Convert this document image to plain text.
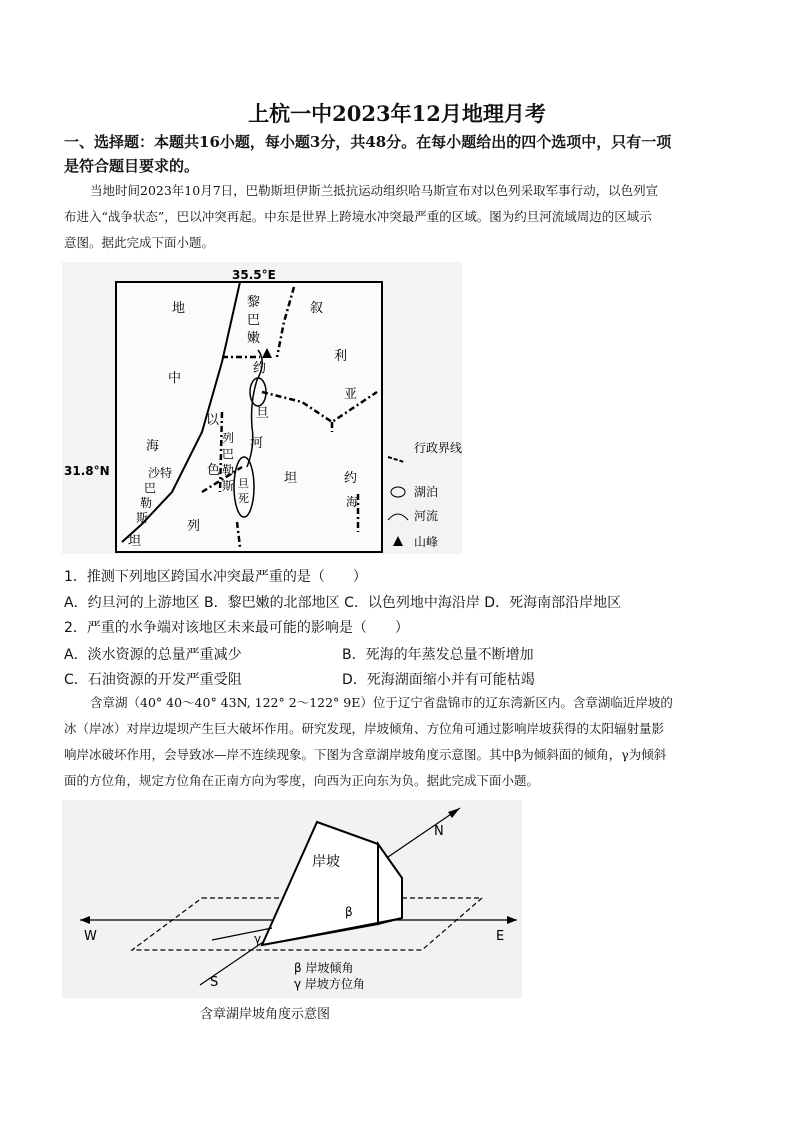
上杭一中2023年12月地理月考
一、选择题：本题共16小题，每小题3分，共48分。在每小题给出的四个选项中，只有一项
是符合题目要求的。
当地时间2023年10月7日，巴勒斯坦伊斯兰抵抗运动组织哈马斯宣布对以色列采取军事行动，以色列宣
布进入“战争状态”，巴以冲突再起。中东是世界上跨境水冲突最严重的区域。图为约旦河流域周边的区域示
意图。据此完成下面小题。
35.5°E
31.8°N
地
中
海
叙
利
亚
黎
巴
嫩
约
旦
河
以
色
列
列
巴
勒
斯	坦	约
旦
死	海
沙特
巴
勒
斯
坦
行政界线
湖泊
河流
山峰
1．推测下列地区跨国水冲突最严重的是（　　）
A．约旦河的上游地区 B．黎巴嫩的北部地区 C．以色列地中海沿岸 D．死海南部沿岸地区
2．严重的水争端对该地区未来最可能的影响是（　　）
A．淡水资源的总量严重减少	B．死海的年蒸发总量不断增加
C．石油资源的开发严重受阻	D．死海湖面缩小并有可能枯竭
含章湖（40° 40～40° 43N, 122° 2～122° 9E）位于辽宁省盘锦市的辽东湾新区内。含章湖临近岸坡的
冰（岸冰）对岸边堤坝产生巨大破坏作用。研究发现，岸坡倾角、方位角可通过影响岸坡获得的太阳辐射量影
响岸冰破坏作用，会导致冰—岸不连续现象。下图为含章湖岸坡角度示意图。其中β为倾斜面的倾角，γ为倾斜
面的方位角，规定方位角在正南方向为零度，向西为正向东为负。据此完成下面小题。
W	E
N
S
岸坡
β
γ
β 岸坡倾角
γ 岸坡方位角
含章湖岸坡角度示意图
